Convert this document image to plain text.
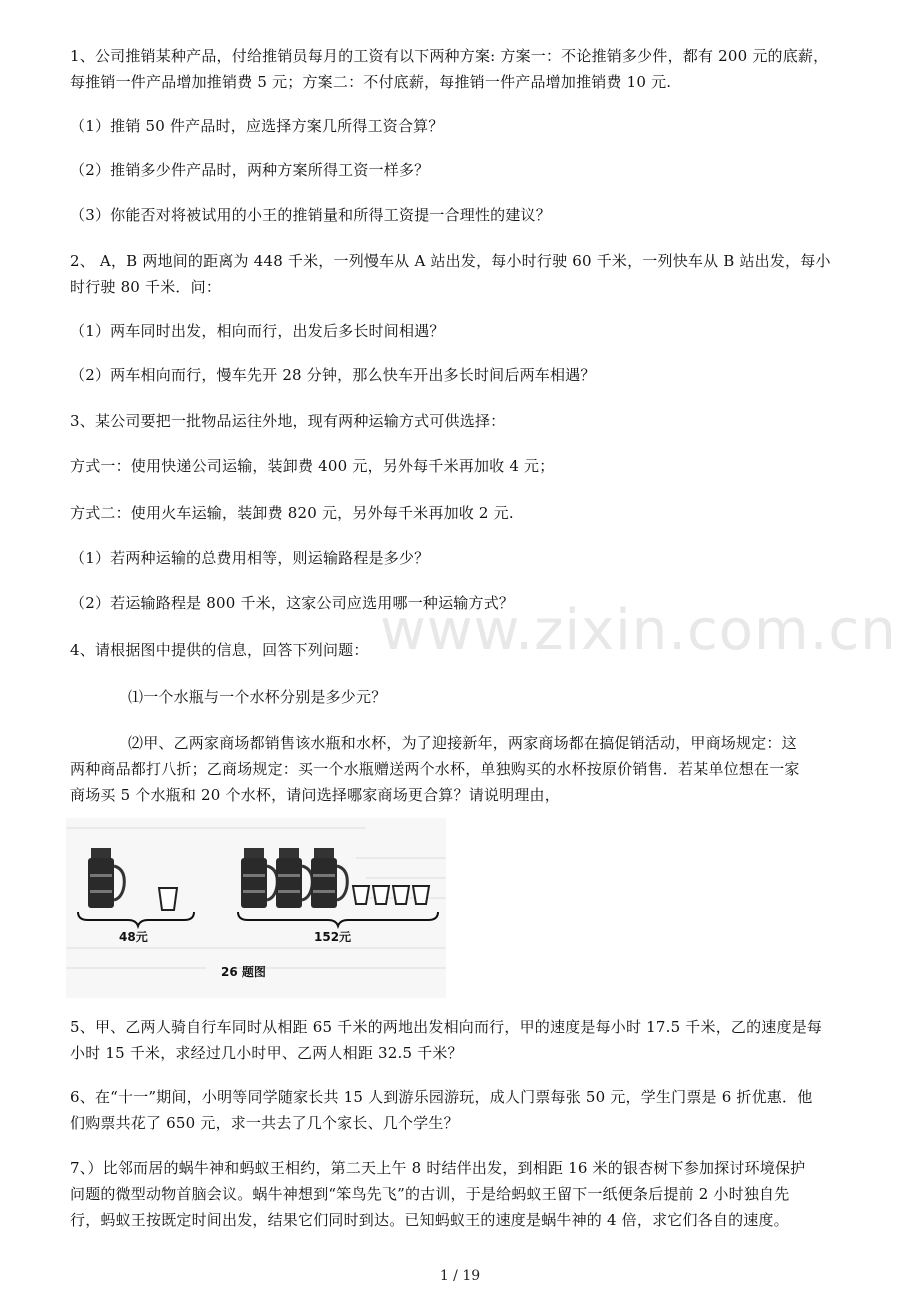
www.zixin.com.cn
1、公司推销某种产品，付给推销员每月的工资有以下两种方案: 方案一：不论推销多少件，都有 200 元的底薪，
每推销一件产品增加推销费 5 元；方案二：不付底薪，每推销一件产品增加推销费 10 元.
（1）推销 50 件产品时，应选择方案几所得工资合算？
（2）推销多少件产品时，两种方案所得工资一样多？
（3）你能否对将被试用的小王的推销量和所得工资提一合理性的建议？
2、 A，B 两地间的距离为 448 千米，一列慢车从 A 站出发，每小时行驶 60 千米，一列快车从 B 站出发，每小
时行驶 80 千米．问：
（1）两车同时出发，相向而行，出发后多长时间相遇？
（2）两车相向而行，慢车先开 28 分钟，那么快车开出多长时间后两车相遇？
3、某公司要把一批物品运往外地，现有两种运输方式可供选择：
方式一：使用快递公司运输，装卸费 400 元，另外每千米再加收 4 元；
方式二：使用火车运输，装卸费 820 元，另外每千米再加收 2 元.
（1）若两种运输的总费用相等，则运输路程是多少？
（2）若运输路程是 800 千米，这家公司应选用哪一种运输方式？
4、请根据图中提供的信息，回答下列问题：
⑴一个水瓶与一个水杯分别是多少元？
⑵甲、乙两家商场都销售该水瓶和水杯，为了迎接新年，两家商场都在搞促销活动，甲商场规定：这
两种商品都打八折；乙商场规定：买一个水瓶赠送两个水杯，单独购买的水杯按原价销售．若某单位想在一家
商场买 5 个水瓶和 20 个水杯，请问选择哪家商场更合算？请说明理由，
48元	152元
26 题图
5、甲、乙两人骑自行车同时从相距 65 千米的两地出发相向而行，甲的速度是每小时 17.5 千米，乙的速度是每
小时 15 千米，求经过几小时甲、乙两人相距 32.5 千米？
6、在“十一”期间，小明等同学随家长共 15 人到游乐园游玩，成人门票每张 50 元，学生门票是 6 折优惠．他
们购票共花了 650 元，求一共去了几个家长、几个学生？
7、）比邻而居的蜗牛神和蚂蚁王相约，第二天上午 8 时结伴出发，到相距 16 米的银杏树下参加探讨环境保护
问题的微型动物首脑会议。蜗牛神想到“笨鸟先飞”的古训，于是给蚂蚁王留下一纸便条后提前 2 小时独自先
行，蚂蚁王按既定时间出发，结果它们同时到达。已知蚂蚁王的速度是蜗牛神的 4 倍，求它们各自的速度。
1 / 19
